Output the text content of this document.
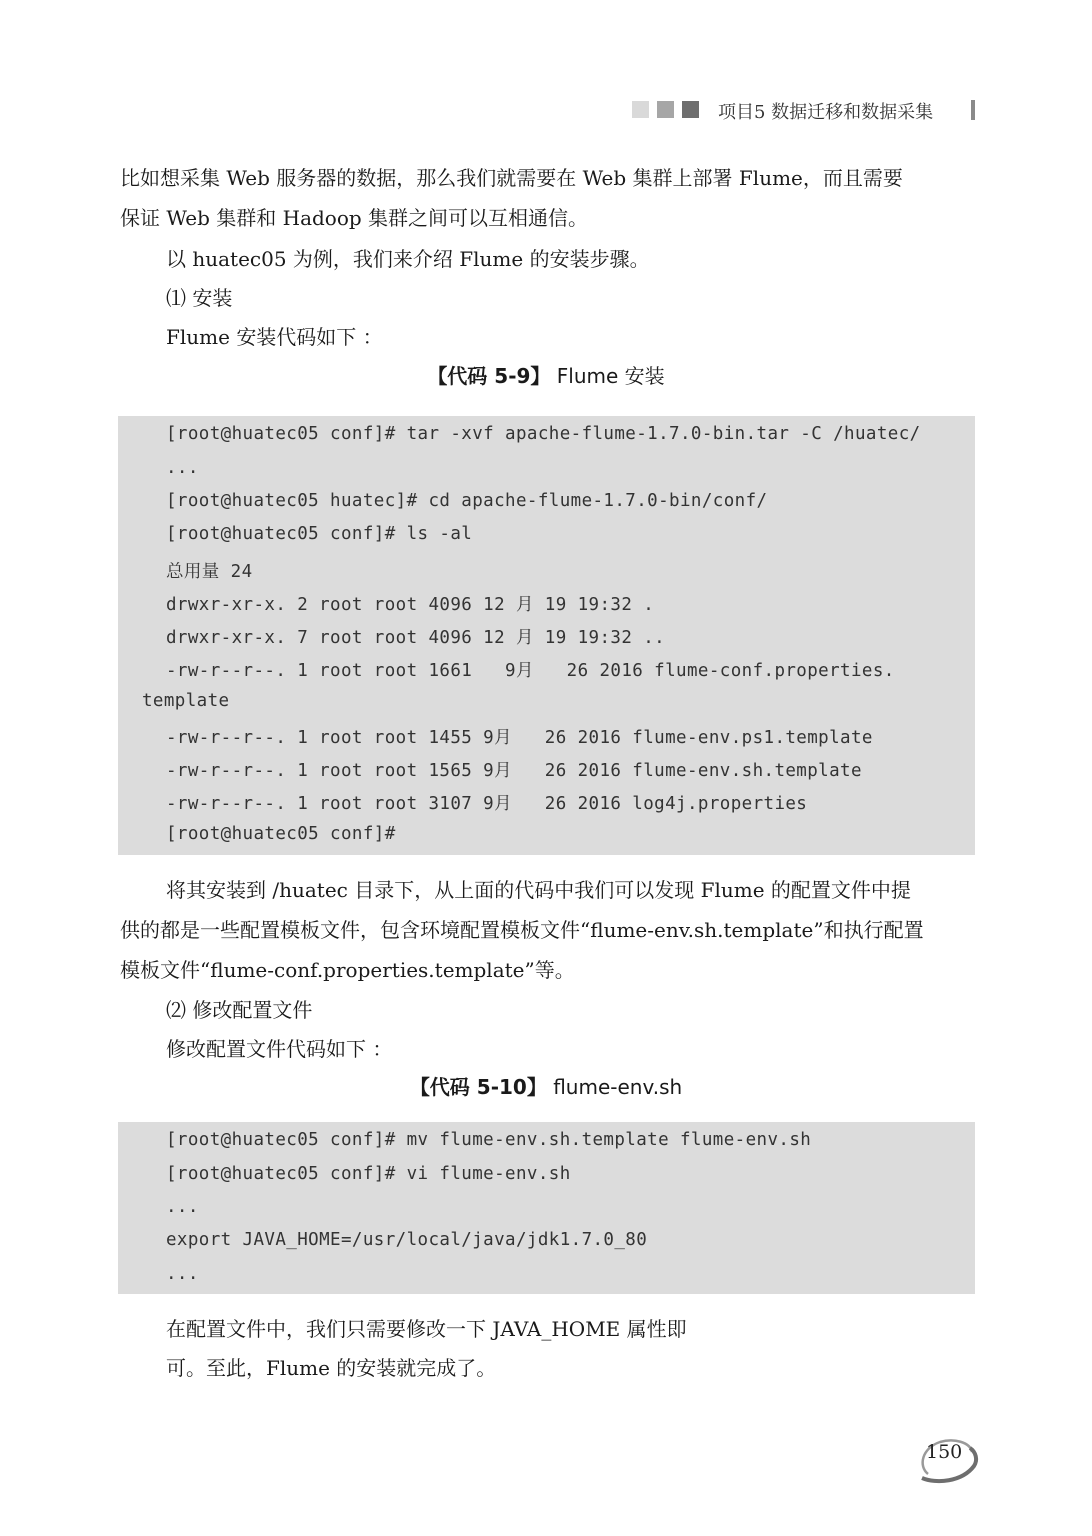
项目5 数据迁移和数据采集
比如想采集 Web 服务器的数据，那么我们就需要在 Web 集群上部署 Flume，而且需要
保证 Web 集群和 Hadoop 集群之间可以互相通信。
以 huatec05 为例，我们来介绍 Flume 的安装步骤。
⑴ 安装
Flume 安装代码如下 ：
【代码 5-9】 Flume 安装
[root@huatec05 conf]# tar -xvf apache-flume-1.7.0-bin.tar -C /huatec/
...
[root@huatec05 huatec]# cd apache-flume-1.7.0-bin/conf/
[root@huatec05 conf]# ls -al
总用量 24
drwxr-xr-x. 2 root root 4096 12 月 19 19:32 .
drwxr-xr-x. 7 root root 4096 12 月 19 19:32 ..
-rw-r--r--. 1 root root 1661   9月   26 2016 flume-conf.properties.
template
-rw-r--r--. 1 root root 1455 9月   26 2016 flume-env.ps1.template
-rw-r--r--. 1 root root 1565 9月   26 2016 flume-env.sh.template
-rw-r--r--. 1 root root 3107 9月   26 2016 log4j.properties
[root@huatec05 conf]#
将其安装到 /huatec 目录下，从上面的代码中我们可以发现 Flume 的配置文件中提
供的都是一些配置模板文件，包含环境配置模板文件“flume-env.sh.template”和执行配置
模板文件“flume-conf.properties.template”等。
⑵ 修改配置文件
修改配置文件代码如下 ：
【代码 5-10】 flume-env.sh
[root@huatec05 conf]# mv flume-env.sh.template flume-env.sh
[root@huatec05 conf]# vi flume-env.sh
...
export JAVA_HOME=/usr/local/java/jdk1.7.0_80
...
在配置文件中，我们只需要修改一下 JAVA_HOME 属性即
可。至此，Flume 的安装就完成了。
150
